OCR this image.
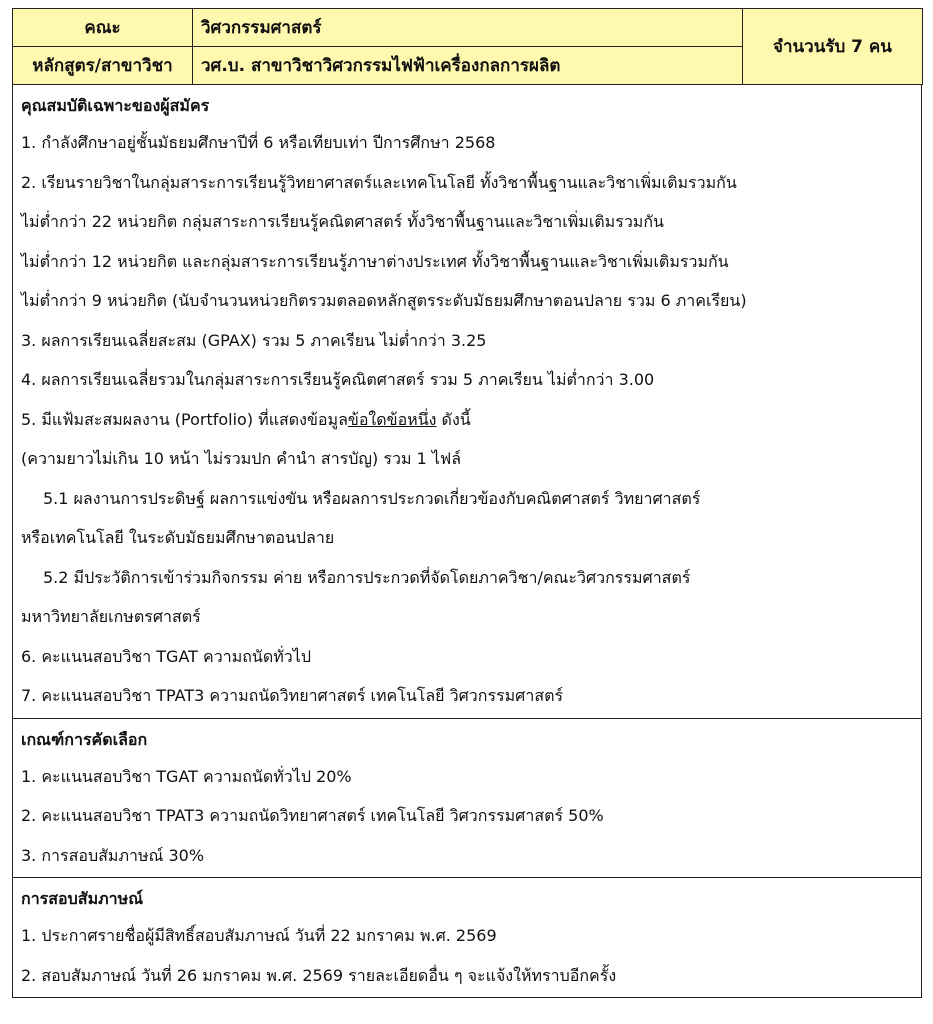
คณะ	วิศวกรรมศาสตร์	จำนวนรับ 7 คน
หลักสูตร/สาขาวิชา	วศ.บ. สาขาวิชาวิศวกรรมไฟฟ้าเครื่องกลการผลิต	
คุณสมบัติเฉพาะของผู้สมัคร
1. กำลังศึกษาอยู่ชั้นมัธยมศึกษาปีที่ 6 หรือเทียบเท่า ปีการศึกษา 2568
2. เรียนรายวิชาในกลุ่มสาระการเรียนรู้วิทยาศาสตร์และเทคโนโลยี ทั้งวิชาพื้นฐานและวิชาเพิ่มเติมรวมกัน
ไม่ต่ำกว่า 22 หน่วยกิต กลุ่มสาระการเรียนรู้คณิตศาสตร์ ทั้งวิชาพื้นฐานและวิชาเพิ่มเติมรวมกัน
ไม่ต่ำกว่า 12 หน่วยกิต และกลุ่มสาระการเรียนรู้ภาษาต่างประเทศ ทั้งวิชาพื้นฐานและวิชาเพิ่มเติมรวมกัน
ไม่ต่ำกว่า 9 หน่วยกิต (นับจำนวนหน่วยกิตรวมตลอดหลักสูตรระดับมัธยมศึกษาตอนปลาย รวม 6 ภาคเรียน)
3. ผลการเรียนเฉลี่ยสะสม (GPAX) รวม 5 ภาคเรียน ไม่ต่ำกว่า 3.25
4. ผลการเรียนเฉลี่ยรวมในกลุ่มสาระการเรียนรู้คณิตศาสตร์ รวม 5 ภาคเรียน ไม่ต่ำกว่า 3.00
5. มีแฟ้มสะสมผลงาน (Portfolio) ที่แสดงข้อมูลข้อใดข้อหนึ่ง ดังนี้
(ความยาวไม่เกิน 10 หน้า ไม่รวมปก คำนำ สารบัญ) รวม 1 ไฟล์
5.1 ผลงานการประดิษฐ์ ผลการแข่งขัน หรือผลการประกวดเกี่ยวข้องกับคณิตศาสตร์ วิทยาศาสตร์
หรือเทคโนโลยี ในระดับมัธยมศึกษาตอนปลาย
5.2 มีประวัติการเข้าร่วมกิจกรรม ค่าย หรือการประกวดที่จัดโดยภาควิชา/คณะวิศวกรรมศาสตร์
มหาวิทยาลัยเกษตรศาสตร์
6. คะแนนสอบวิชา TGAT ความถนัดทั่วไป
7. คะแนนสอบวิชา TPAT3 ความถนัดวิทยาศาสตร์ เทคโนโลยี วิศวกรรมศาสตร์
เกณฑ์การคัดเลือก
1. คะแนนสอบวิชา TGAT ความถนัดทั่วไป 20%
2. คะแนนสอบวิชา TPAT3 ความถนัดวิทยาศาสตร์ เทคโนโลยี วิศวกรรมศาสตร์ 50%
3. การสอบสัมภาษณ์ 30%
การสอบสัมภาษณ์
1. ประกาศรายชื่อผู้มีสิทธิ์สอบสัมภาษณ์ วันที่ 22 มกราคม พ.ศ. 2569
2. สอบสัมภาษณ์ วันที่ 26 มกราคม พ.ศ. 2569 รายละเอียดอื่น ๆ จะแจ้งให้ทราบอีกครั้ง
